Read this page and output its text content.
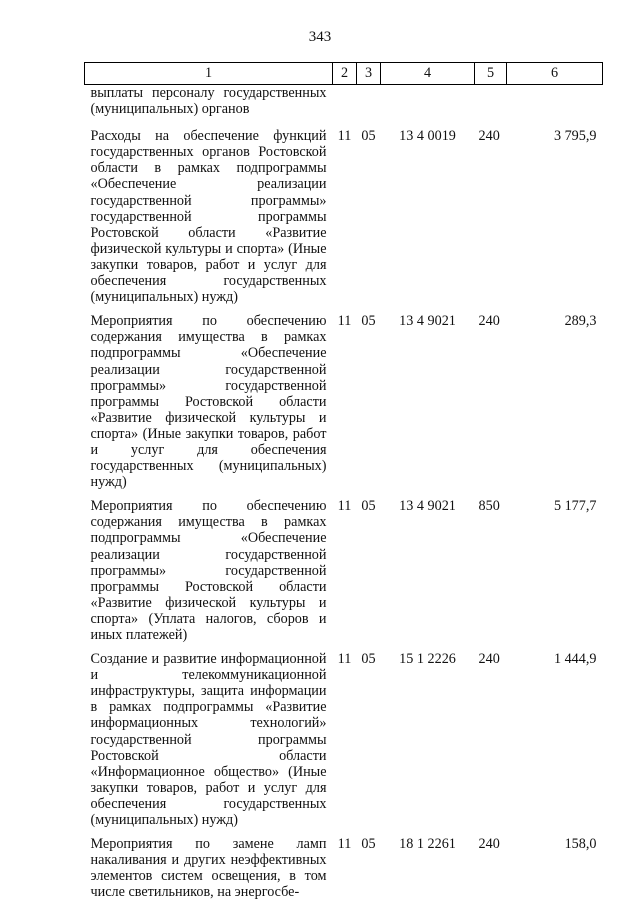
343
1	2	3	4	5	6
выплаты персоналу государственных (муниципальных) органов					
Расходы на обеспечение функций государственных органов Ростовской области в рамках подпрограммы «Обеспечение реализации государственной программы» государственной программы Ростовской области «Развитие физической культуры и спорта» (Иные закупки товаров, работ и услуг для обеспечения государственных (муниципальных) нужд)	11	05	13 4 0019	240	3 795,9
Мероприятия по обеспечению содержания имущества в рамках подпрограммы «Обеспечение реализации государственной программы» государственной программы Ростовской области «Развитие физической культуры и спорта» (Иные закупки товаров, работ и услуг для обеспечения государственных (муниципальных) нужд)	11	05	13 4 9021	240	289,3
Мероприятия по обеспечению содержания имущества в рамках подпрограммы «Обеспечение реализации государственной программы» государственной программы Ростовской области «Развитие физической культуры и спорта» (Уплата налогов, сборов и иных платежей)	11	05	13 4 9021	850	5 177,7
Создание и развитие информационной и телекоммуникационной инфраструктуры, защита информации в рамках подпрограммы «Развитие информационных технологий» государственной программы Ростовской области «Информационное общество» (Иные закупки товаров, работ и услуг для обеспечения государственных (муниципальных) нужд)	11	05	15 1 2226	240	1 444,9
Мероприятия по замене ламп накаливания и других неэффективных элементов систем освещения, в том числе светильников, на энергосбе-	11	05	18 1 2261	240	158,0
